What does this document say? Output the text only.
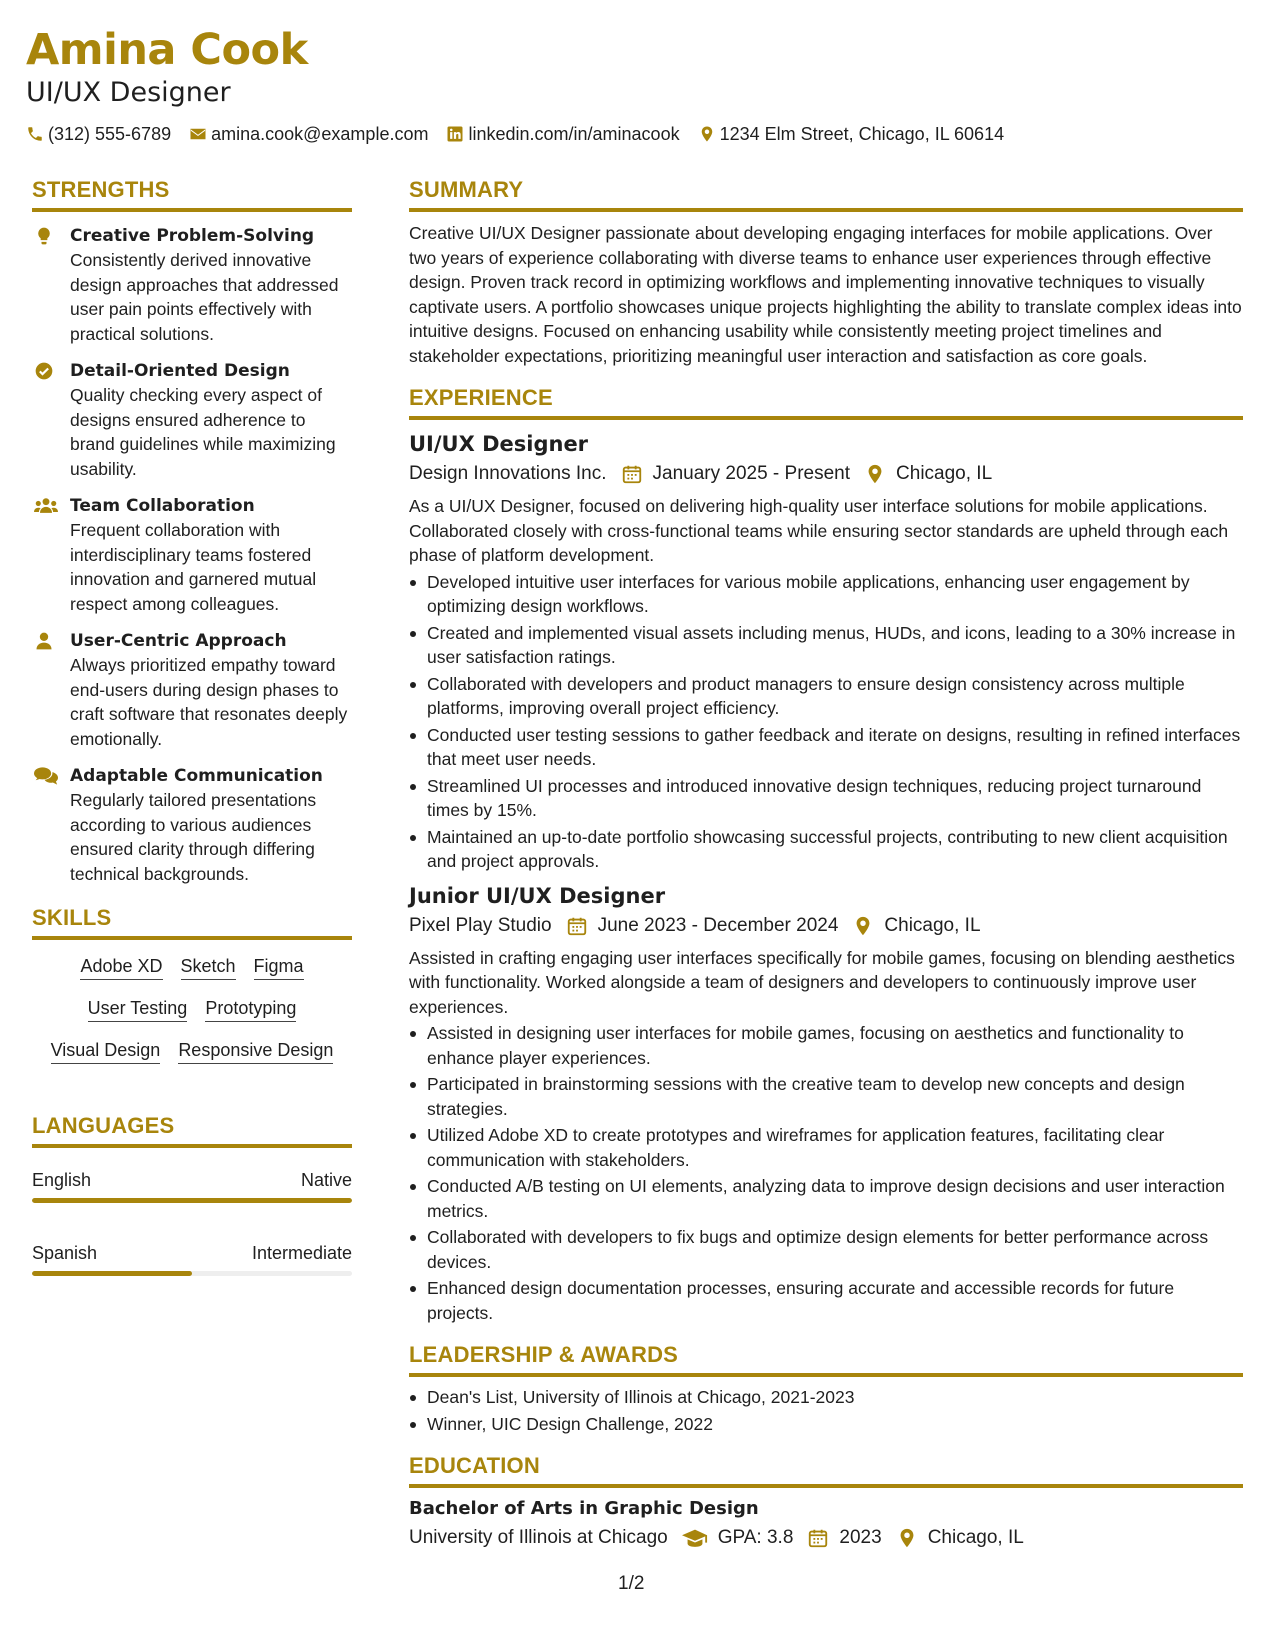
Amina Cook
UI/UX Designer
(312) 555-6789 amina.cook@example.com linkedin.com/in/aminacook 1234 Elm Street, Chicago, IL 60614
STRENGTHS
Creative Problem-Solving
Consistently derived innovative design approaches that addressed user pain points effectively with practical solutions.
Detail-Oriented Design
Quality checking every aspect of designs ensured adherence to brand guidelines while maximizing usability.
Team Collaboration
Frequent collaboration with interdisciplinary teams fostered innovation and garnered mutual respect among colleagues.
User-Centric Approach
Always prioritized empathy toward end-users during design phases to craft software that resonates deeply emotionally.
Adaptable Communication
Regularly tailored presentations according to various audiences ensured clarity through differing technical backgrounds.
SKILLS
Adobe XD Sketch Figma
User Testing Prototyping
Visual Design Responsive Design
LANGUAGES
English	Native
Spanish	Intermediate
SUMMARY
Creative UI/UX Designer passionate about developing engaging interfaces for mobile applications. Over two years of experience collaborating with diverse teams to enhance user experiences through effective design. Proven track record in optimizing workflows and implementing innovative techniques to visually captivate users. A portfolio showcases unique projects highlighting the ability to translate complex ideas into intuitive designs. Focused on enhancing usability while consistently meeting project timelines and stakeholder expectations, prioritizing meaningful user interaction and satisfaction as core goals.
EXPERIENCE
UI/UX Designer
Design Innovations Inc. January 2025 - Present Chicago, IL
As a UI/UX Designer, focused on delivering high-quality user interface solutions for mobile applications. Collaborated closely with cross-functional teams while ensuring sector standards are upheld through each phase of platform development.
Developed intuitive user interfaces for various mobile applications, enhancing user engagement by optimizing design workflows.
Created and implemented visual assets including menus, HUDs, and icons, leading to a 30% increase in user satisfaction ratings.
Collaborated with developers and product managers to ensure design consistency across multiple platforms, improving overall project efficiency.
Conducted user testing sessions to gather feedback and iterate on designs, resulting in refined interfaces that meet user needs.
Streamlined UI processes and introduced innovative design techniques, reducing project turnaround times by 15%.
Maintained an up-to-date portfolio showcasing successful projects, contributing to new client acquisition and project approvals.
Junior UI/UX Designer
Pixel Play Studio June 2023 - December 2024 Chicago, IL
Assisted in crafting engaging user interfaces specifically for mobile games, focusing on blending aesthetics with functionality. Worked alongside a team of designers and developers to continuously improve user experiences.
Assisted in designing user interfaces for mobile games, focusing on aesthetics and functionality to enhance player experiences.
Participated in brainstorming sessions with the creative team to develop new concepts and design strategies.
Utilized Adobe XD to create prototypes and wireframes for application features, facilitating clear communication with stakeholders.
Conducted A/B testing on UI elements, analyzing data to improve design decisions and user interaction metrics.
Collaborated with developers to fix bugs and optimize design elements for better performance across devices.
Enhanced design documentation processes, ensuring accurate and accessible records for future projects.
LEADERSHIP & AWARDS
Dean's List, University of Illinois at Chicago, 2021-2023
Winner, UIC Design Challenge, 2022
EDUCATION
Bachelor of Arts in Graphic Design
University of Illinois at Chicago	GPA: 3.8 2023 Chicago, IL
1/2
